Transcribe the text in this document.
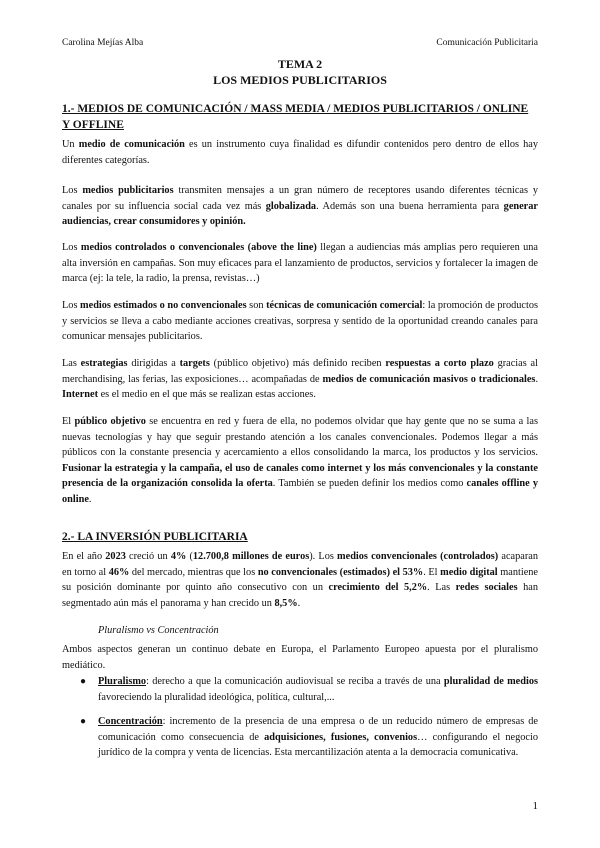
Carolina Mejías Alba	Comunicación Publicitaria
TEMA 2
LOS MEDIOS PUBLICITARIOS
1.- MEDIOS DE COMUNICACIÓN / MASS MEDIA / MEDIOS PUBLICITARIOS / ONLINE Y OFFLINE
Un medio de comunicación es un instrumento cuya finalidad es difundir contenidos pero dentro de ellos hay diferentes categorías.
Los medios publicitarios transmiten mensajes a un gran número de receptores usando diferentes técnicas y canales por su influencia social cada vez más globalizada. Además son una buena herramienta para generar audiencias, crear consumidores y opinión.
Los medios controlados o convencionales (above the line) llegan a audiencias más amplias pero requieren una alta inversión en campañas. Son muy eficaces para el lanzamiento de productos, servicios y fortalecer la imagen de marca (ej: la tele, la radio, la prensa, revistas…)
Los medios estimados o no convencionales son técnicas de comunicación comercial: la promoción de productos y servicios se lleva a cabo mediante acciones creativas, sorpresa y sentido de la oportunidad creando canales para comunicar mensajes publicitarios.
Las estrategias dirigidas a targets (público objetivo) más definido reciben respuestas a corto plazo gracias al merchandising, las ferias, las exposiciones… acompañadas de medios de comunicación masivos o tradicionales. Internet es el medio en el que más se realizan estas acciones.
El público objetivo se encuentra en red y fuera de ella, no podemos olvidar que hay gente que no se suma a las nuevas tecnologías y hay que seguir prestando atención a los canales convencionales. Podemos llegar a más públicos con la constante presencia y acercamiento a ellos consolidando la marca, los productos y los servicios. Fusionar la estrategia y la campaña, el uso de canales como internet y los más convencionales y la constante presencia de la organización consolida la oferta. También se pueden definir los medios como canales offline y online.
2.- LA INVERSIÓN PUBLICITARIA
En el año 2023 creció un 4% (12.700,8 millones de euros). Los medios convencionales (controlados) acaparan en torno al 46% del mercado, mientras que los no convencionales (estimados) el 53%. El medio digital mantiene su posición dominante por quinto año consecutivo con un crecimiento del 5,2%. Las redes sociales han segmentado aún más el panorama y han crecido un 8,5%.
Pluralismo vs Concentración
Ambos aspectos generan un continuo debate en Europa, el Parlamento Europeo apuesta por el pluralismo mediático.
● Pluralismo: derecho a que la comunicación audiovisual se reciba a través de una pluralidad de medios favoreciendo la pluralidad ideológica, política, cultural,...
● Concentración: incremento de la presencia de una empresa o de un reducido número de empresas de comunicación como consecuencia de adquisiciones, fusiones, convenios… configurando el negocio jurídico de la compra y venta de licencias. Esta mercantilización atenta a la democracia comunicativa.
1
